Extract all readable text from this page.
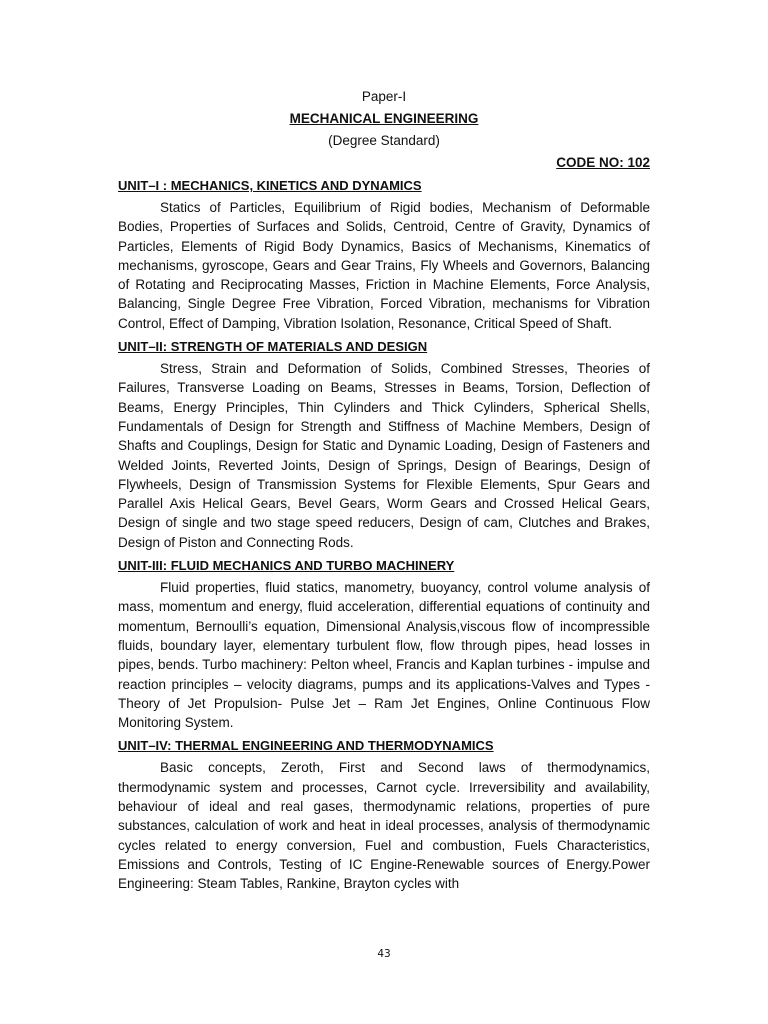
Paper-I

MECHANICAL ENGINEERING

(Degree Standard)

CODE NO: 102

UNIT–I : MECHANICS, KINETICS AND DYNAMICS

Statics of Particles, Equilibrium of Rigid bodies, Mechanism of Deformable Bodies, Properties of Surfaces and Solids, Centroid, Centre of Gravity, Dynamics of Particles, Elements of Rigid Body Dynamics, Basics of Mechanisms, Kinematics of mechanisms, gyroscope, Gears and Gear Trains, Fly Wheels and Governors, Balancing of Rotating and Reciprocating Masses, Friction in Machine Elements, Force Analysis, Balancing, Single Degree Free Vibration, Forced Vibration, mechanisms for Vibration Control, Effect of Damping, Vibration Isolation, Resonance, Critical Speed of Shaft.

UNIT–II: STRENGTH OF MATERIALS AND DESIGN

Stress, Strain and Deformation of Solids, Combined Stresses, Theories of Failures, Transverse Loading on Beams, Stresses in Beams, Torsion, Deflection of Beams, Energy Principles, Thin Cylinders and Thick Cylinders, Spherical Shells, Fundamentals of Design for Strength and Stiffness of Machine Members, Design of Shafts and Couplings, Design for Static and Dynamic Loading, Design of Fasteners and Welded Joints, Reverted Joints, Design of Springs, Design of Bearings, Design of Flywheels, Design of Transmission Systems for Flexible Elements, Spur Gears and Parallel Axis Helical Gears, Bevel Gears, Worm Gears and Crossed Helical Gears, Design of single and two stage speed reducers, Design of cam, Clutches and Brakes, Design of Piston and Connecting Rods.

UNIT-III: FLUID MECHANICS AND TURBO MACHINERY

Fluid properties, fluid statics, manometry, buoyancy, control volume analysis of mass, momentum and energy, fluid acceleration, differential equations of continuity and momentum, Bernoulli’s equation, Dimensional Analysis,viscous flow of incompressible fluids, boundary layer, elementary turbulent flow, flow through pipes, head losses in pipes, bends. Turbo machinery: Pelton wheel, Francis and Kaplan turbines - impulse and reaction principles – velocity diagrams, pumps and its applications-Valves and Types - Theory of Jet Propulsion- Pulse Jet – Ram Jet Engines, Online Continuous Flow Monitoring System.

UNIT–IV: THERMAL ENGINEERING AND THERMODYNAMICS

Basic concepts, Zeroth, First and Second laws of thermodynamics, thermodynamic system and processes, Carnot cycle. Irreversibility and availability, behaviour of ideal and real gases, thermodynamic relations, properties of pure substances, calculation of work and heat in ideal processes, analysis of thermodynamic cycles related to energy conversion, Fuel and combustion, Fuels Characteristics, Emissions and Controls, Testing of IC Engine-Renewable sources of Energy.Power Engineering: Steam Tables, Rankine, Brayton cycles with

43
